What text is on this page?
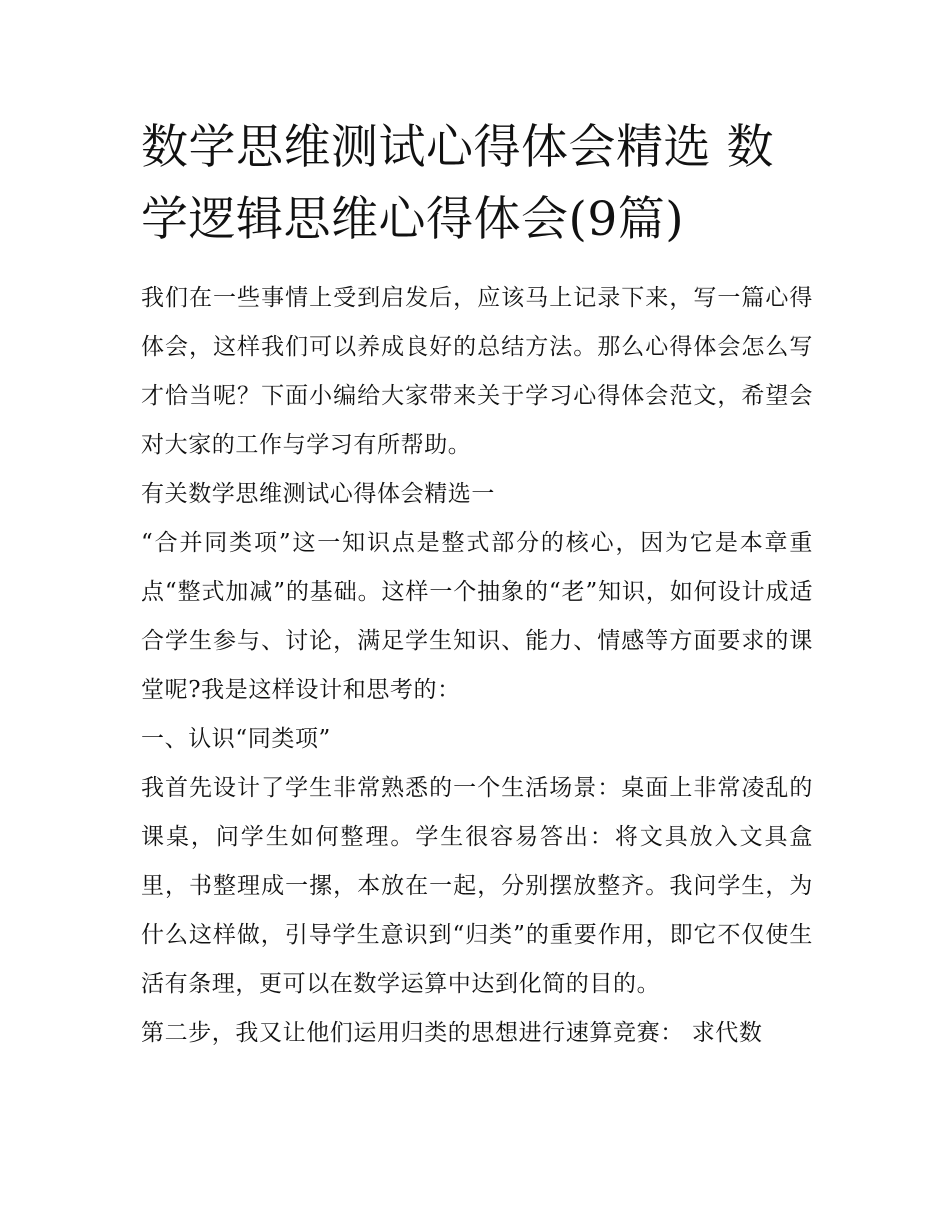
数学思维测试心得体会精选 数学逻辑思维心得体会(9篇)

我们在一些事情上受到启发后，应该马上记录下来，写一篇心得体会，这样我们可以养成良好的总结方法。那么心得体会怎么写才恰当呢？下面小编给大家带来关于学习心得体会范文，希望会对大家的工作与学习有所帮助。

有关数学思维测试心得体会精选一

“合并同类项”这一知识点是整式部分的核心，因为它是本章重点“整式加减”的基础。这样一个抽象的“老”知识，如何设计成适合学生参与、讨论，满足学生知识、能力、情感等方面要求的课堂呢?我是这样设计和思考的：

一、认识“同类项”

我首先设计了学生非常熟悉的一个生活场景：桌面上非常凌乱的课桌，问学生如何整理。学生很容易答出：将文具放入文具盒里，书整理成一摞，本放在一起，分别摆放整齐。我问学生，为什么这样做，引导学生意识到“归类”的重要作用，即它不仅使生活有条理，更可以在数学运算中达到化简的目的。

第二步，我又让他们运用归类的思想进行速算竞赛： 求代数
